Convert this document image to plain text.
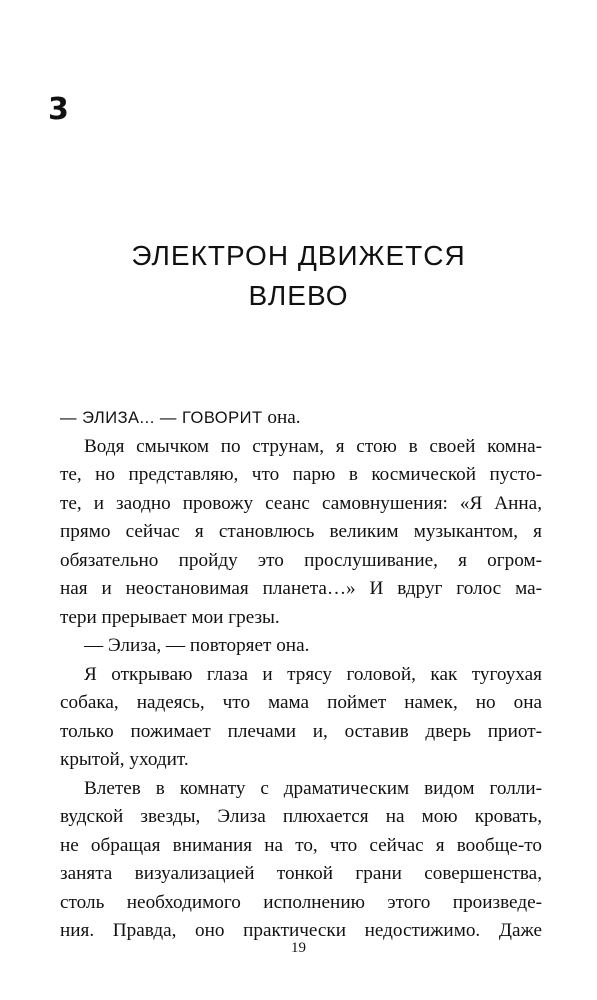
3
ЭЛЕКТРОН ДВИЖЕТСЯ
ВЛЕВО
— ЭЛИЗА... — ГОВОРИТ она.
Водя смычком по струнам, я стою в своей комна-
те, но представляю, что парю в космической пусто-
те, и заодно провожу сеанс самовнушения: «Я Анна,
прямо сейчас я становлюсь великим музыкантом, я
обязательно пройду это прослушивание, я огром-
ная и неостановимая планета…» И вдруг голос ма-
тери прерывает мои грезы.
— Элиза, — повторяет она.
Я открываю глаза и трясу головой, как тугоухая
собака, надеясь, что мама поймет намек, но она
только пожимает плечами и, оставив дверь приот-
крытой, уходит.
Влетев в комнату с драматическим видом голли-
вудской звезды, Элиза плюхается на мою кровать,
не обращая внимания на то, что сейчас я вообще-то
занята визуализацией тонкой грани совершенства,
столь необходимого исполнению этого произведе-
ния. Правда, оно практически недостижимо. Даже
19
